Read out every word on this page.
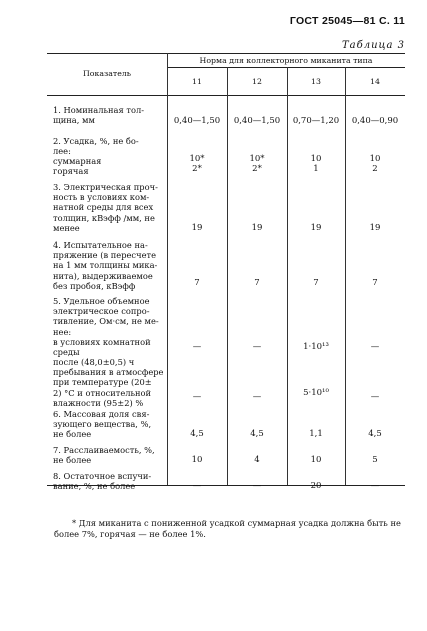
ГОСТ 25045—81 С. 11
Таблица 3
Показатель
Норма для коллекторного миканита типа
11	12	13	14
1. Номинальная тол-
щина, мм	0,40—1,50	0,40—1,50	0,70—1,20	0,40—0,90
2. Усадка, %, не бо-
лее:
суммарная	10*	10*	10	10
горячая	2*	2*	1	2
3. Электрическая проч-
ность в условиях ком-
натной среды для всех
толщин, кВэфф /мм, не
менее	19	19	19	19
4. Испытательное на-
пряжение (в пересчете
на 1 мм толщины мика-
нита), выдерживаемое
без пробоя, кВэфф	7	7	7	7
5. Удельное объемное
электрическое сопро-
тивление, Ом·см, не ме-
нее:
в условиях комнатной
среды
—	—	1·10¹³	—
после (48,0±0,5) ч
пребывания в атмосфере
при температуре (20±
2) °С и относительной
влажности (95±2) %
—	—	5·10¹⁰	—
6. Массовая доля свя-
зующего вещества, %,
не более	4,5	4,5	1,1	4,5
7. Расслаиваемость, %,
не более	10	4	10	5
8. Остаточное вспучи-
вание, %, не более	—	—	20	—
* Для миканита с пониженной усадкой суммарная усадка должна быть не
более 7%, горячая — не более 1%.
